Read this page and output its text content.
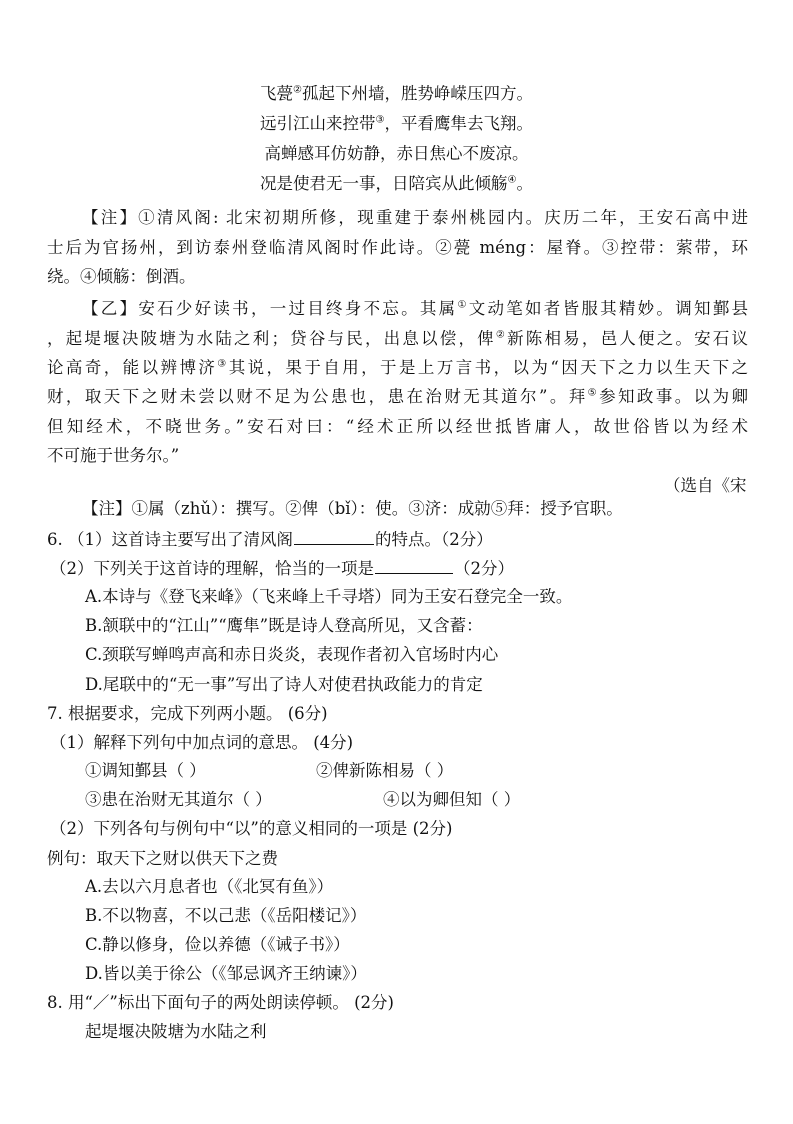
飞甍②孤起下州墙，胜势峥嵘压四方。
远引江山来控带③，平看鹰隼去飞翔。
高蝉感耳仿妨静，赤日焦心不废凉。
况是使君无一事，日陪宾从此倾觞④。
【注】①清风阁: 北宋初期所修，现重建于泰州桃园内。庆历二年，王安石高中进
士后为官扬州，到访泰州登临清风阁时作此诗。②甍 méng：屋脊。③控带：萦带，环
绕。④倾觞：倒酒。
【乙】安石少好读书，一过目终身不忘。其属①文动笔如者皆服其精妙。调知鄞县
，起堤堰决陂塘为水陆之利；贷谷与民，出息以偿，俾②新陈相易，邑人便之。安石议
论高奇，能以辨博济③其说，果于自用，于是上万言书，以为“因天下之力以生天下之
财，取天下之财未尝以财不足为公患也，患在治财无其道尔”。拜⑤参知政事。以为卿
但知经术，不晓世务。”安石对曰：“经术正所以经世抵皆庸人，故世俗皆以为经术
不可施于世务尔。”
（选自《宋
【注】①属（zhǔ）：撰写。②俾（bǐ）：使。③济：成勍⑤拜：授予官职。
6. （1）这首诗主要写出了清风阁	的特点。（2分）
（2）下列关于这首诗的理解，恰当的一项是	（2分）
A.本诗与《登飞来峰》（飞来峰上千寻塔）同为王安石登完全一致。
B.颔联中的“江山”“鹰隼”既是诗人登高所见，又含蓄：
C.颈联写蝉鸣声高和赤日炎炎，表现作者初入官场时内心
D.尾联中的“无一事”写出了诗人对使君执政能力的肯定
7. 根据要求，完成下列两小题。 (6分)
（1）解释下列句中加点词的意思。 (4分)
①调知鄞县（ ）	②俾新陈相易（ ）
③患在治财无其道尔（ ）	④以为卿但知（ ）
（2）下列各句与例句中“以”的意义相同的一项是 (2分)
例句：取天下之财以供天下之费
A.去以六月息者也（《北冥有鱼》）
B.不以物喜，不以己悲（《岳阳楼记》）
C.静以修身，俭以养德（《诫子书》）
D.皆以美于徐公（《邹忌讽齐王纳谏》）
8. 用“／”标出下面句子的两处朗读停顿。 (2分)
起堤堰决陂塘为水陆之利
